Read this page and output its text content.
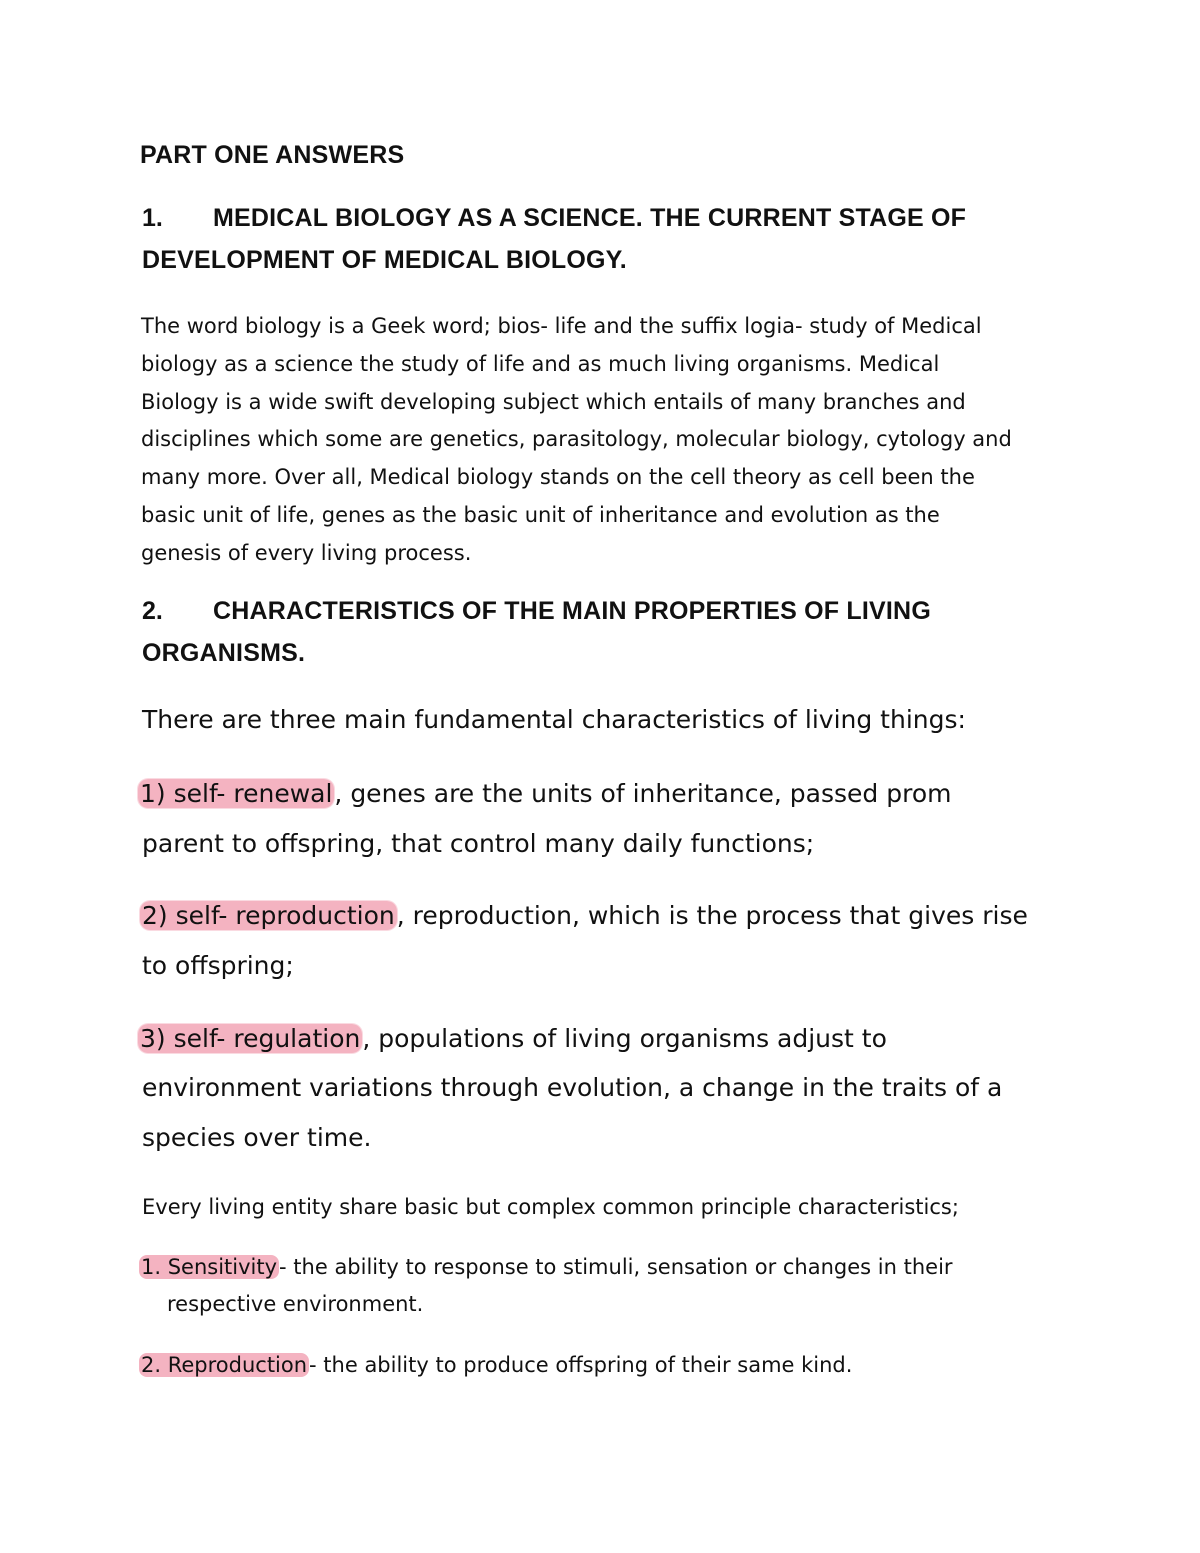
PART ONE ANSWERS
1. MEDICAL BIOLOGY AS A SCIENCE. THE CURRENT STAGE OF
DEVELOPMENT OF MEDICAL BIOLOGY.
The word biology is a Geek word; bios- life and the suffix logia- study of Medical
biology as a science the study of life and as much living organisms. Medical
Biology is a wide swift developing subject which entails of many branches and
disciplines which some are genetics, parasitology, molecular biology, cytology and
many more. Over all, Medical biology stands on the cell theory as cell been the
basic unit of life, genes as the basic unit of inheritance and evolution as the
genesis of every living process.
2. CHARACTERISTICS OF THE MAIN PROPERTIES OF LIVING
ORGANISMS.
There are three main fundamental characteristics of living things:
1) self- renewal, genes are the units of inheritance, passed prom
parent to offspring, that control many daily functions;
2) self- reproduction, reproduction, which is the process that gives rise
to offspring;
3) self- regulation, populations of living organisms adjust to
environment variations through evolution, a change in the traits of a
species over time.
Every living entity share basic but complex common principle characteristics;
1. Sensitivity- the ability to response to stimuli, sensation or changes in their
respective environment.
2. Reproduction- the ability to produce offspring of their same kind.
